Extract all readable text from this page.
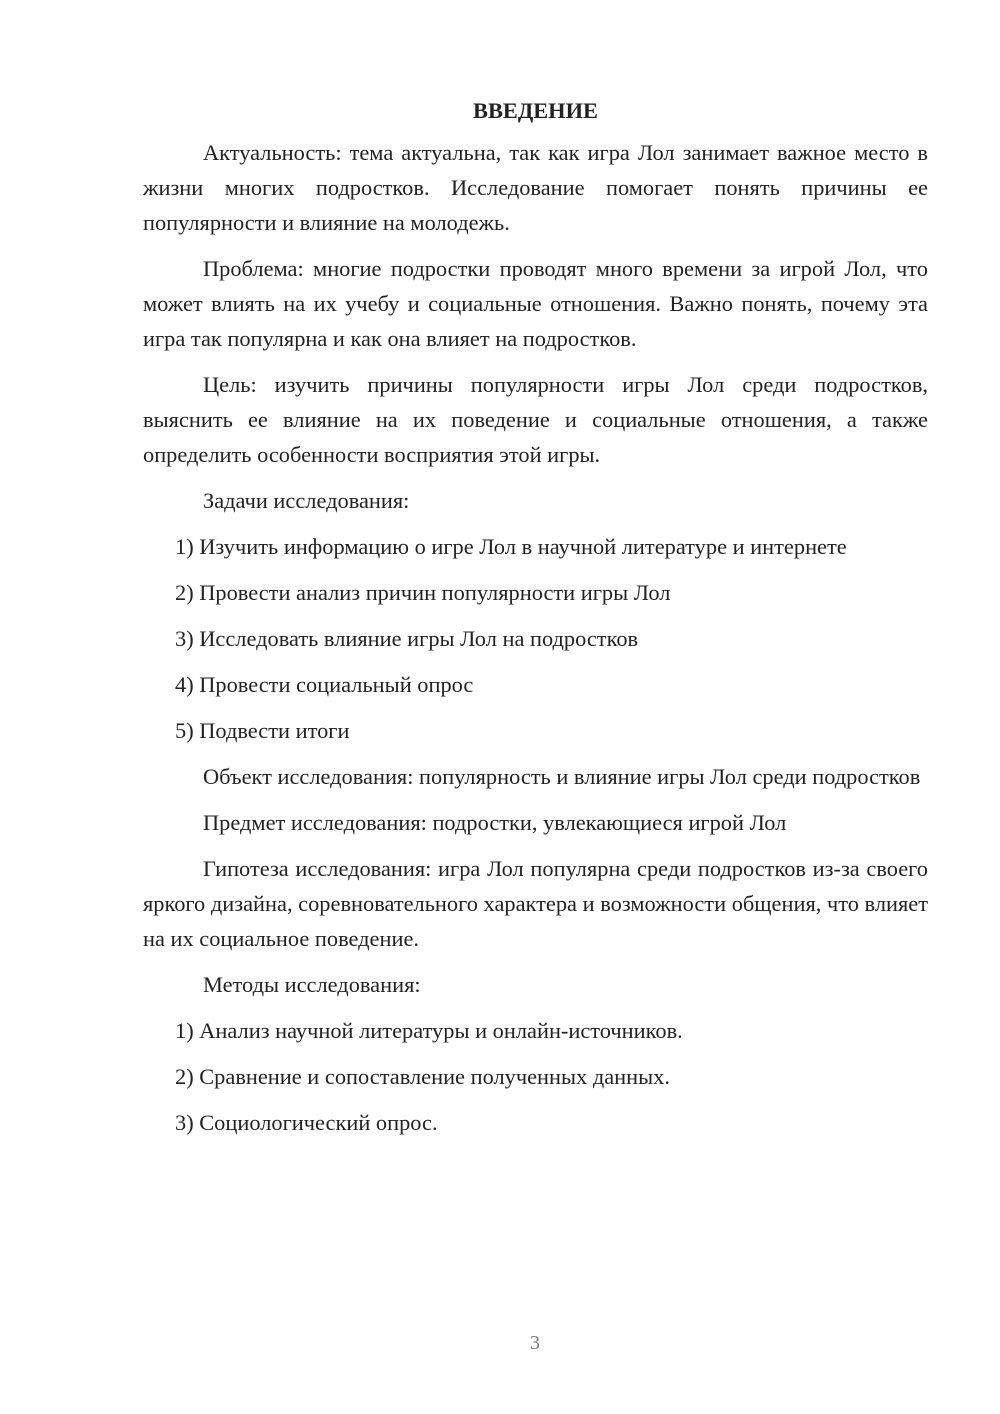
ВВЕДЕНИЕ

Актуальность: тема актуальна, так как игра Лол занимает важное место в жизни многих подростков. Исследование помогает понять причины ее популярности и влияние на молодежь.

Проблема: многие подростки проводят много времени за игрой Лол, что может влиять на их учебу и социальные отношения. Важно понять, почему эта игра так популярна и как она влияет на подростков.

Цель: изучить причины популярности игры Лол среди подростков, выяснить ее влияние на их поведение и социальные отношения, а также определить особенности восприятия этой игры.

Задачи исследования:

1) Изучить информацию о игре Лол в научной литературе и интернете
2) Провести анализ причин популярности игры Лол
3) Исследовать влияние игры Лол на подростков
4) Провести социальный опрос
5) Подвести итоги

Объект исследования: популярность и влияние игры Лол среди подростков

Предмет исследования: подростки, увлекающиеся игрой Лол

Гипотеза исследования: игра Лол популярна среди подростков из-за своего яркого дизайна, соревновательного характера и возможности общения, что влияет на их социальное поведение.

Методы исследования:

1) Анализ научной литературы и онлайн-источников.
2) Сравнение и сопоставление полученных данных.
3) Социологический опрос.
3
